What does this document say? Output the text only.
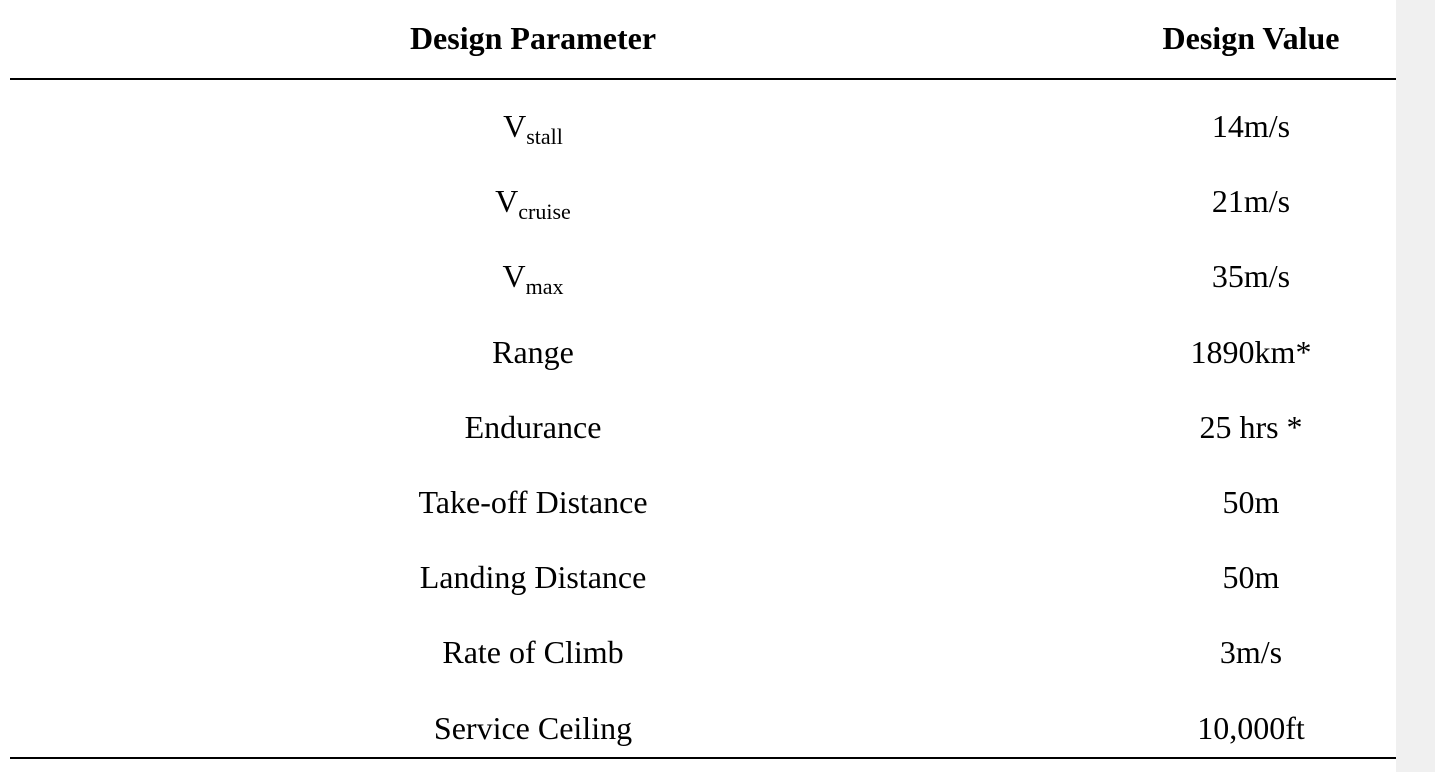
Design Parameter	Design Value
$V_{stall}$	14m/s
$V_{cruise}$	21m/s
$V_{max}$	35m/s
Range	1890km*
Endurance	25 hrs *
Take-off Distance	50m
Landing Distance	50m
Rate of Climb	3m/s
Service Ceiling	10,000ft
